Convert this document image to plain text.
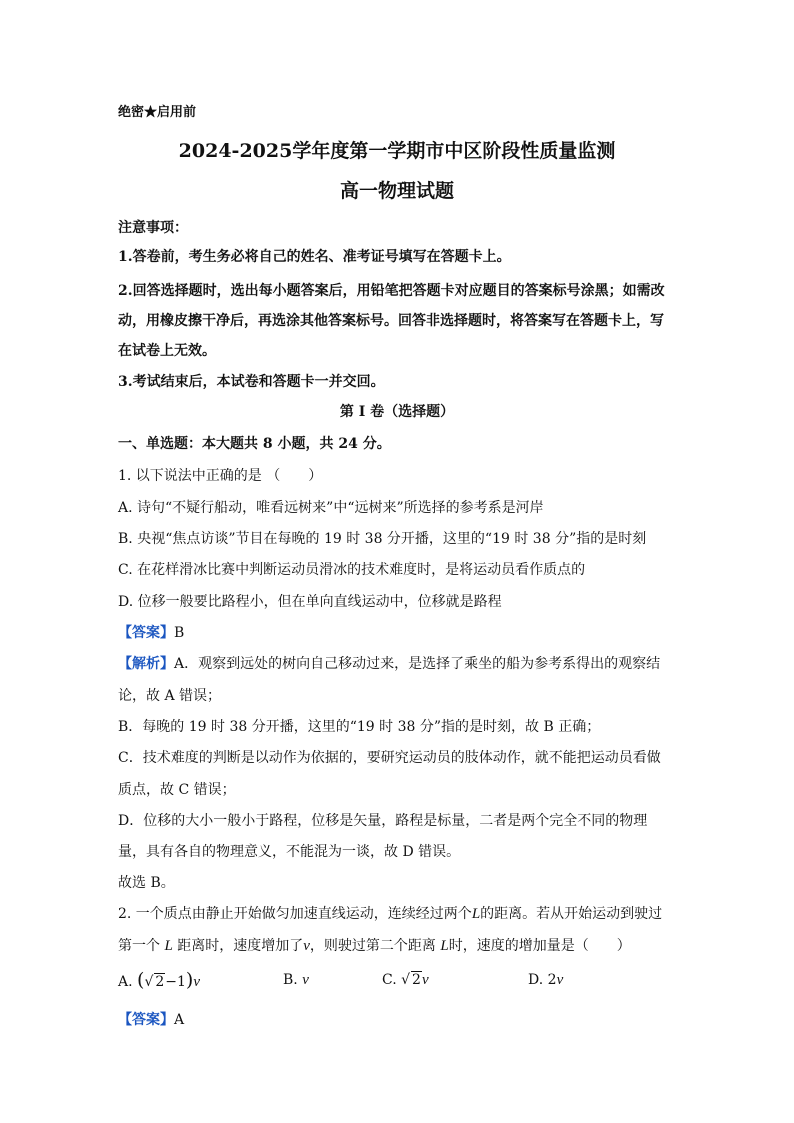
绝密★启用前
2024-2025学年度第一学期市中区阶段性质量监测
高一物理试题
注意事项：
1.答卷前，考生务必将自己的姓名、准考证号填写在答题卡上。
2.回答选择题时，选出每小题答案后，用铅笔把答题卡对应题目的答案标号涂黑；如需改
动，用橡皮擦干净后，再选涂其他答案标号。回答非选择题时，将答案写在答题卡上，写
在试卷上无效。
3.考试结束后，本试卷和答题卡一并交回。
第 I 卷（选择题）
一、单选题：本大题共 8 小题，共 24 分。
1. 以下说法中正确的是 （　　）
A. 诗句“不疑行船动，唯看远树来”中“远树来”所选择的参考系是河岸
B. 央视“焦点访谈”节目在每晚的 19 时 38 分开播，这里的“19 时 38 分”指的是时刻
C. 在花样滑冰比赛中判断运动员滑冰的技术难度时，是将运动员看作质点的
D. 位移一般要比路程小，但在单向直线运动中，位移就是路程
【答案】B
【解析】A．观察到远处的树向自己移动过来，是选择了乘坐的船为参考系得出的观察结
论，故 A 错误；
B．每晚的 19 时 38 分开播，这里的“19 时 38 分”指的是时刻，故 B 正确；
C．技术难度的判断是以动作为依据的，要研究运动员的肢体动作，就不能把运动员看做
质点，故 C 错误；
D．位移的大小一般小于路程，位移是矢量，路程是标量，二者是两个完全不同的物理
量，具有各自的物理意义，不能混为一谈，故 D 错误。
故选 B。
2. 一个质点由静止开始做匀加速直线运动，连续经过两个L的距离。若从开始运动到驶过
第一个 L 距离时，速度增加了v，则驶过第二个距离 L时，速度的增加量是（　　）
A. (√ 2−1)v	B. v	C. √ 2v	D. 2v
【答案】A
